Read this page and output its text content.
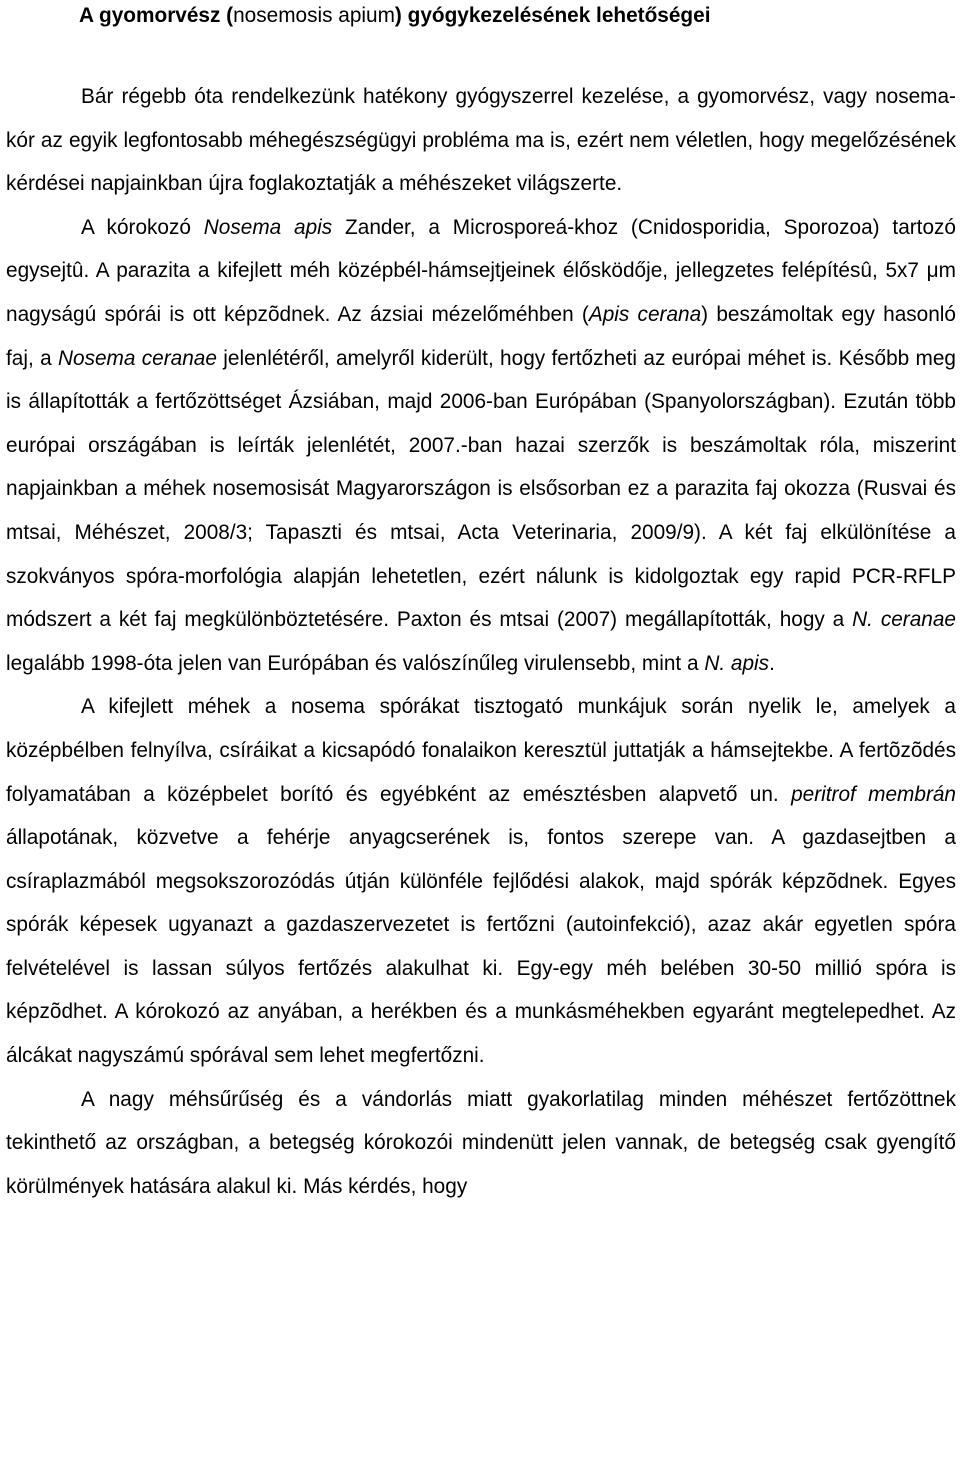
A gyomorvész (nosemosis apium) gyógykezelésének lehetőségei

Bár régebb óta rendelkezünk hatékony gyógyszerrel kezelése, a gyomorvész, vagy nosema-kór az egyik legfontosabb méhegészségügyi probléma ma is, ezért nem véletlen, hogy megelőzésének kérdései napjainkban újra foglakoztatják a méhészeket világszerte.

A kórokozó Nosema apis Zander, a Microsporeá-khoz (Cnidosporidia, Sporozoa) tartozó egysejtû. A parazita a kifejlett méh középbél-hámsejtjeinek élősködője, jellegzetes felépítésû, 5x7 μm nagyságú spórái is ott képzõdnek. Az ázsiai mézelőméhben (Apis cerana) beszámoltak egy hasonló faj, a Nosema ceranae jelenlétéről, amelyről kiderült, hogy fertőzheti az európai méhet is. Később meg is állapították a fertőzöttséget Ázsiában, majd 2006-ban Európában (Spanyolországban). Ezután több európai országában is leírták jelenlétét, 2007.-ban hazai szerzők is beszámoltak róla, miszerint napjainkban a méhek nosemosisát Magyarországon is elsősorban ez a parazita faj okozza (Rusvai és mtsai, Méhészet, 2008/3; Tapaszti és mtsai, Acta Veterinaria, 2009/9). A két faj elkülönítése a szokványos spóra-morfológia alapján lehetetlen, ezért nálunk is kidolgoztak egy rapid PCR-RFLP módszert a két faj megkülönböztetésére. Paxton és mtsai (2007) megállapították, hogy a N. ceranae legalább 1998-óta jelen van Európában és valószínűleg virulensebb, mint a N. apis.

A kifejlett méhek a nosema spórákat tisztogató munkájuk során nyelik le, amelyek a középbélben felnyílva, csíráikat a kicsapódó fonalaikon keresztül juttatják a hámsejtekbe. A fertõzõdés folyamatában a középbelet borító és egyébként az emésztésben alapvető un. peritrof membrán állapotának, közvetve a fehérje anyagcserének is, fontos szerepe van. A gazdasejtben a csíraplazmából megsokszorozódás útján különféle fejlődési alakok, majd spórák képzõdnek. Egyes spórák képesek ugyanazt a gazdaszervezetet is fertőzni (autoinfekció), azaz akár egyetlen spóra felvételével is lassan súlyos fertőzés alakulhat ki. Egy-egy méh belében 30-50 millió spóra is képzõdhet. A kórokozó az anyában, a herékben és a munkásméhekben egyaránt megtelepedhet. Az álcákat nagyszámú spórával sem lehet megfertőzni.

A nagy méhsűrűség és a vándorlás miatt gyakorlatilag minden méhészet fertőzöttnek tekinthető az országban, a betegség kórokozói mindenütt jelen vannak, de betegség csak gyengítő körülmények hatására alakul ki. Más kérdés, hogy
